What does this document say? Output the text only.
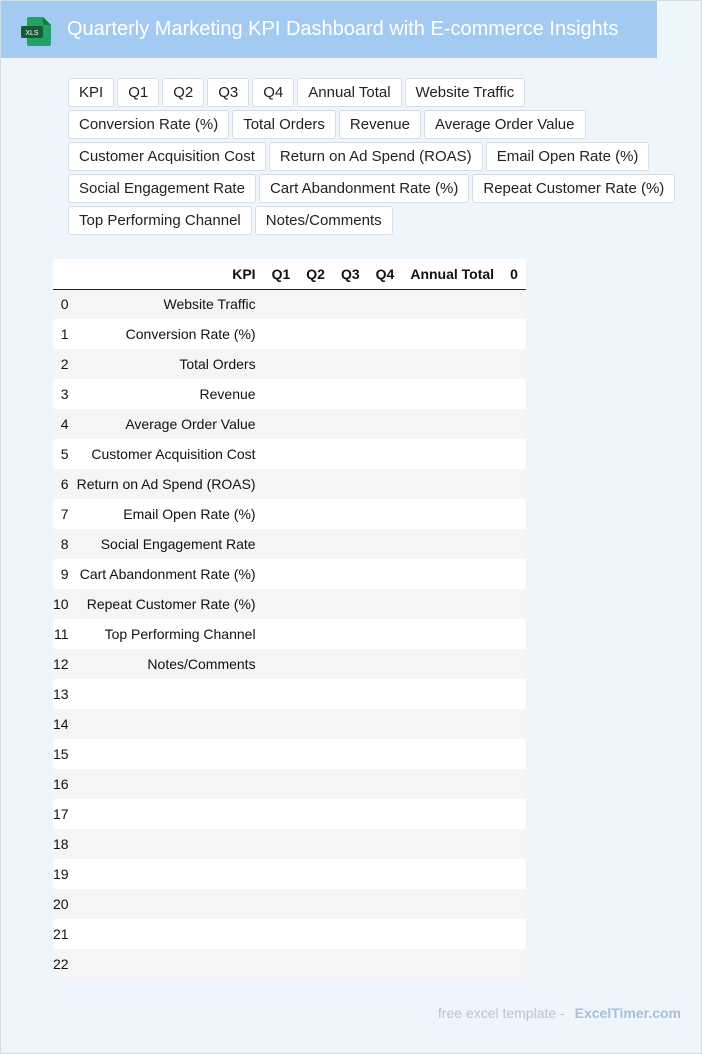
XLS Quarterly Marketing KPI Dashboard with E-commerce Insights
KPI	Q1	Q2	Q3	Q4	Annual Total	Website Traffic
Conversion Rate (%)	Total Orders	Revenue	Average Order Value
Customer Acquisition Cost	Return on Ad Spend (ROAS)	Email Open Rate (%)
Social Engagement Rate	Cart Abandonment Rate (%)	Repeat Customer Rate (%)
Top Performing Channel	Notes/Comments
	KPI	Q1	Q2	Q3	Q4	Annual Total	0
0	Website Traffic						
1	Conversion Rate (%)						
2	Total Orders						
3	Revenue						
4	Average Order Value						
5	Customer Acquisition Cost						
6	Return on Ad Spend (ROAS)						
7	Email Open Rate (%)						
8	Social Engagement Rate						
9	Cart Abandonment Rate (%)						
10	Repeat Customer Rate (%)						
11	Top Performing Channel						
12	Notes/Comments						
13							
14							
15							
16							
17							
18							
19							
20							
21							
22							
free excel template - ExcelTimer.com
